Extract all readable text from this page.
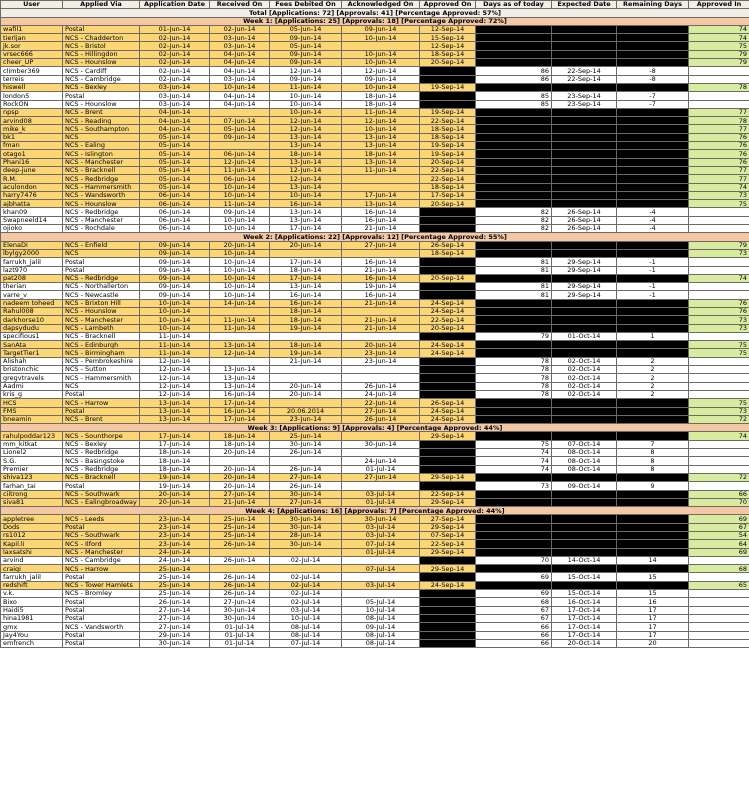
User	Applied Via	Application Date	Received On	Fees Debited On	Acknowledged On	Approved On	Days as of today	Expected Date	Remaining Days	Approved In
Total [Applications: 72] [Approvals: 41] [Percentage Approved: 57%]										
Week 1: [Applications: 25] [Approvals: 18] [Percentage Approved: 72%]										
wafil1	Postal	01-Jun-14	02-Jun-14	05-Jun-14	09-Jun-14	12-Sep-14				74
tierljan	NCS - Chadderton	02-Jun-14	03-Jun-14	09-Jun-14	10-Jun-14	15-Sep-14				74
jk.sor	NCS - Bristol	02-Jun-14	03-Jun-14	05-Jun-14		12-Sep-14				75
vrsec666	NCS - Hillingdon	02-Jun-14	04-Jun-14	09-Jun-14	10-Jun-14	18-Sep-14				79
cheer_UP	NCS - Hounslow	02-Jun-14	04-Jun-14	09-Jun-14	10-Jun-14	20-Sep-14				79
climber369	NCS - Cardiff	02-Jun-14	04-Jun-14	12-Jun-14	12-Jun-14		86	22-Sep-14	-8	
terreis	NCS - Cambridge	02-Jun-14	03-Jun-14	09-Jun-14	09-Jun-14		86	22-Sep-14	-8	
hiswell	NCS - Bexley	03-Jun-14	10-Jun-14	11-Jun-14	10-Jun-14	19-Sep-14				78
london5	Postal	03-Jun-14	04-Jun-14	10-Jun-14	18-Jun-14		85	23-Sep-14	-7	
RockON	NCS - Hounslow	03-Jun-14	04-Jun-14	10-Jun-14	18-Jun-14		85	23-Sep-14	-7	
npsp	NCS - Brent	04-Jun-14		10-Jun-14	11-Jun-14	19-Sep-14				77
arvind08	NCS - Reading	04-Jun-14	07-Jun-14	12-Jun-14	12-Jun-14	22-Sep-14				78
mike_k	NCS - Southampton	04-Jun-14	05-Jun-14	12-Jun-14	10-Jun-14	18-Sep-14				77
bk1	NCS	05-Jun-14	09-Jun-14	13-Jun-14	13-Jun-14	18-Sep-14				76
fman	NCS - Ealing	05-Jun-14		13-Jun-14	13-Jun-14	19-Sep-14				76
otago1	NCS - Islington	05-Jun-14	06-Jun-14	18-Jun-14	18-Jun-14	19-Sep-14				76
Phani16	NCS - Manchester	05-Jun-14	12-Jun-14	13-Jun-14	13-Jun-14	20-Sep-14				76
deep-june	NCS - Bracknell	05-Jun-14	11-Jun-14	12-Jun-14	11-Jun-14	22-Sep-14				77
R.M.	NCS - Redbridge	05-Jun-14	06-Jun-14	12-Jun-14		22-Sep-14				77
aculondon	NCS - Hammersmith	05-Jun-14	10-Jun-14	13-Jun-14		18-Sep-14				74
harry7476	NCS - Wandsworth	06-Jun-14	10-Jun-14	10-Jun-14	17-Jun-14	17-Sep-14				73
ajbhatta	NCS - Hounslow	06-Jun-14	11-Jun-14	16-Jun-14	13-Jun-14	20-Sep-14				75
khan09	NCS - Redbridge	06-Jun-14	09-Jun-14	13-Jun-14	16-Jun-14		82	26-Sep-14	-4	
Swapneeld14	NCS - Manchester	06-Jun-14	10-Jun-14	13-Jun-14	16-Jun-14		82	26-Sep-14	-4	
ojioko	NCS - Rochdale	06-Jun-14	10-Jun-14	17-Jun-14	21-Jun-14		82	26-Sep-14	-4	
Week 2: [Applications: 22] [Approvals: 12] [Percentage Approved: 55%]										
ElenaDi	NCS - Enfield	09-Jun-14	20-Jun-14	20-Jun-14	27-Jun-14	26-Sep-14				79
lbylgy2000	NCS	09-Jun-14	10-Jun-14			18-Sep-14				73
farrukh_jalil	Postal	09-Jun-14	10-Jun-14	17-Jun-14	16-Jun-14		81	29-Sep-14	-1	
lazt970	Postal	09-Jun-14	10-Jun-14	18-Jun-14	21-Jun-14		81	29-Sep-14	-1	
pat208	NCS - Redbridge	09-Jun-14	10-Jun-14	17-Jun-14	16-Jun-14	20-Sep-14				74
therian	NCS - Northallerton	09-Jun-14	10-Jun-14	13-Jun-14	19-Jun-14		81	29-Sep-14	-1	
varre_v	NCS - Newcastle	09-Jun-14	10-Jun-14	16-Jun-14	16-Jun-14		81	29-Sep-14	-1	
nadeem toheed	NCS - Brixton Hill	10-Jun-14	14-Jun-14	16-Jun-14	21-Jun-14	24-Sep-14				76
Rahul008	NCS - Hounslow	10-Jun-14		18-Jun-14		24-Sep-14				76
darkhorse10	NCS - Manchester	10-Jun-14	11-Jun-14	18-Jun-14	21-Jun-14	22-Sep-14				73
dapsydudu	NCS - Lambeth	10-Jun-14	11-Jun-14	19-Jun-14	21-Jun-14	20-Sep-14				73
specifious1	NCS - Bracknell	11-Jun-14					79	01-Oct-14	1	
SanAta	NCS - Edinburgh	11-Jun-14	13-Jun-14	18-Jun-14	20-Jun-14	24-Sep-14				75
TargetTier1	NCS - Birmingham	11-Jun-14	12-Jun-14	19-Jun-14	23-Jun-14	24-Sep-14				75
Alishah	NCS - Pembrokeshire	12-Jun-14		21-Jun-14	23-Jun-14		78	02-Oct-14	2	
bristonchic	NCS - Sutton	12-Jun-14	13-Jun-14				78	02-Oct-14	2	
gregvtravels	NCS - Hammersmith	12-Jun-14	13-Jun-14				78	02-Oct-14	2	
Aadmi	NCS	12-Jun-14	13-Jun-14	20-Jun-14	26-Jun-14		78	02-Oct-14	2	
kris_g	Postal	12-Jun-14	16-Jun-14	20-Jun-14	24-Jun-14		78	02-Oct-14	2	
HCS	NCS - Harrow	13-Jun-14	17-Jun-14		22-Jun-14	26-Sep-14				75
FMS	Postal	13-Jun-14	16-Jun-14	20.06.2014	27-Jun-14	24-Sep-14				73
bneamin	NCS - Brent	13-Jun-14	17-Jun-14	23-Jun-14	26-Jun-14	24-Sep-14				72
Week 3: [Applications: 9] [Approvals: 4] [Percentage Approved: 44%]										
rahulpoddar123	NCS - Sounthorpe	17-Jun-14	18-Jun-14	25-Jun-14		29-Sep-14				74
mm_kitkat	NCS - Bexley	17-Jun-14	18-Jun-14	30-Jun-14	30-Jun-14		75	07-Oct-14	7	
Lionel2	NCS - Redbridge	18-Jun-14	20-Jun-14	26-Jun-14			74	08-Oct-14	8	
S.G.	NCS - Basingstoke	18-Jun-14			24-Jun-14		74	08-Oct-14	8	
Premier	NCS - Redbridge	18-Jun-14	20-Jun-14	26-Jun-14	01-Jul-14		74	08-Oct-14	8	
shiva123	NCS - Bracknell	19-Jun-14	20-Jun-14	27-Jun-14	27-Jun-14	29-Sep-14				72
farhan_tai	Postal	19-Jun-14	20-Jun-14	26-Jun-14			73	09-Oct-14	9	
ciitrong	NCS - Southwark	20-Jun-14	27-Jun-14	30-Jun-14	03-Jul-14	22-Sep-14				66
siva81	NCS - Ealingbroadway	20-Jun-14	21-Jun-14	27-Jun-14	01-Jul-14	29-Sep-14				70
Week 4: [Applications: 16] [Approvals: 7] [Percentage Approved: 44%]										
appletree	NCS - Leeds	23-Jun-14	25-Jun-14	30-Jun-14	30-Jun-14	27-Sep-14				69
Dods	Postal	23-Jun-14	25-Jun-14	30-Jun-14	03-Jul-14	29-Sep-14				67
rs1012	NCS - Southwark	23-Jun-14	25-Jun-14	28-Jun-14	03-Jul-14	07-Sep-14				54
Kapil.li	NCS - Ilford	23-Jun-14	26-Jun-14	30-Jun-14	07-Jul-14	22-Sep-14				64
laxsatshi	NCS - Manchester	24-Jun-14			01-Jul-14	29-Sep-14				69
arvind	NCS - Cambridge	24-Jun-14	26-Jun-14	02-Jul-14			70	14-Oct-14	14	
craigi	NCS - Harrow	25-Jun-14			07-Jul-14	29-Sep-14				68
farrukh_jalil	Postal	25-Jun-14	26-Jun-14	02-Jul-14			69	15-Oct-14	15	
redshift	NCS - Tower Hamlets	25-Jun-14	26-Jun-14	02-Jul-14	03-Jul-14	24-Sep-14				65
v.k.	NCS - Bromley	25-Jun-14	26-Jun-14	02-Jul-14			69	15-Oct-14	15	
Bixo	Postal	26-Jun-14	27-Jun-14	02-Jul-14	05-Jul-14		68	16-Oct-14	16	
Haidi5	Postal	27-Jun-14	30-Jun-14	03-Jul-14	10-Jul-14		67	17-Oct-14	17	
hina1981	Postal	27-Jun-14	30-Jun-14	10-Jul-14	08-Jul-14		67	17-Oct-14	17	
gmx	NCS - Vandsworth	27-Jun-14	01-Jul-14	08-Jul-14	09-Jul-14		66	17-Oct-14	17	
Jay4You	Postal	29-Jun-14	01-Jul-14	08-Jul-14	08-Jul-14		66	17-Oct-14	17	
emfrench	Postal	30-Jun-14	01-Jul-14	07-Jul-14	08-Jul-14		66	20-Oct-14	20	
